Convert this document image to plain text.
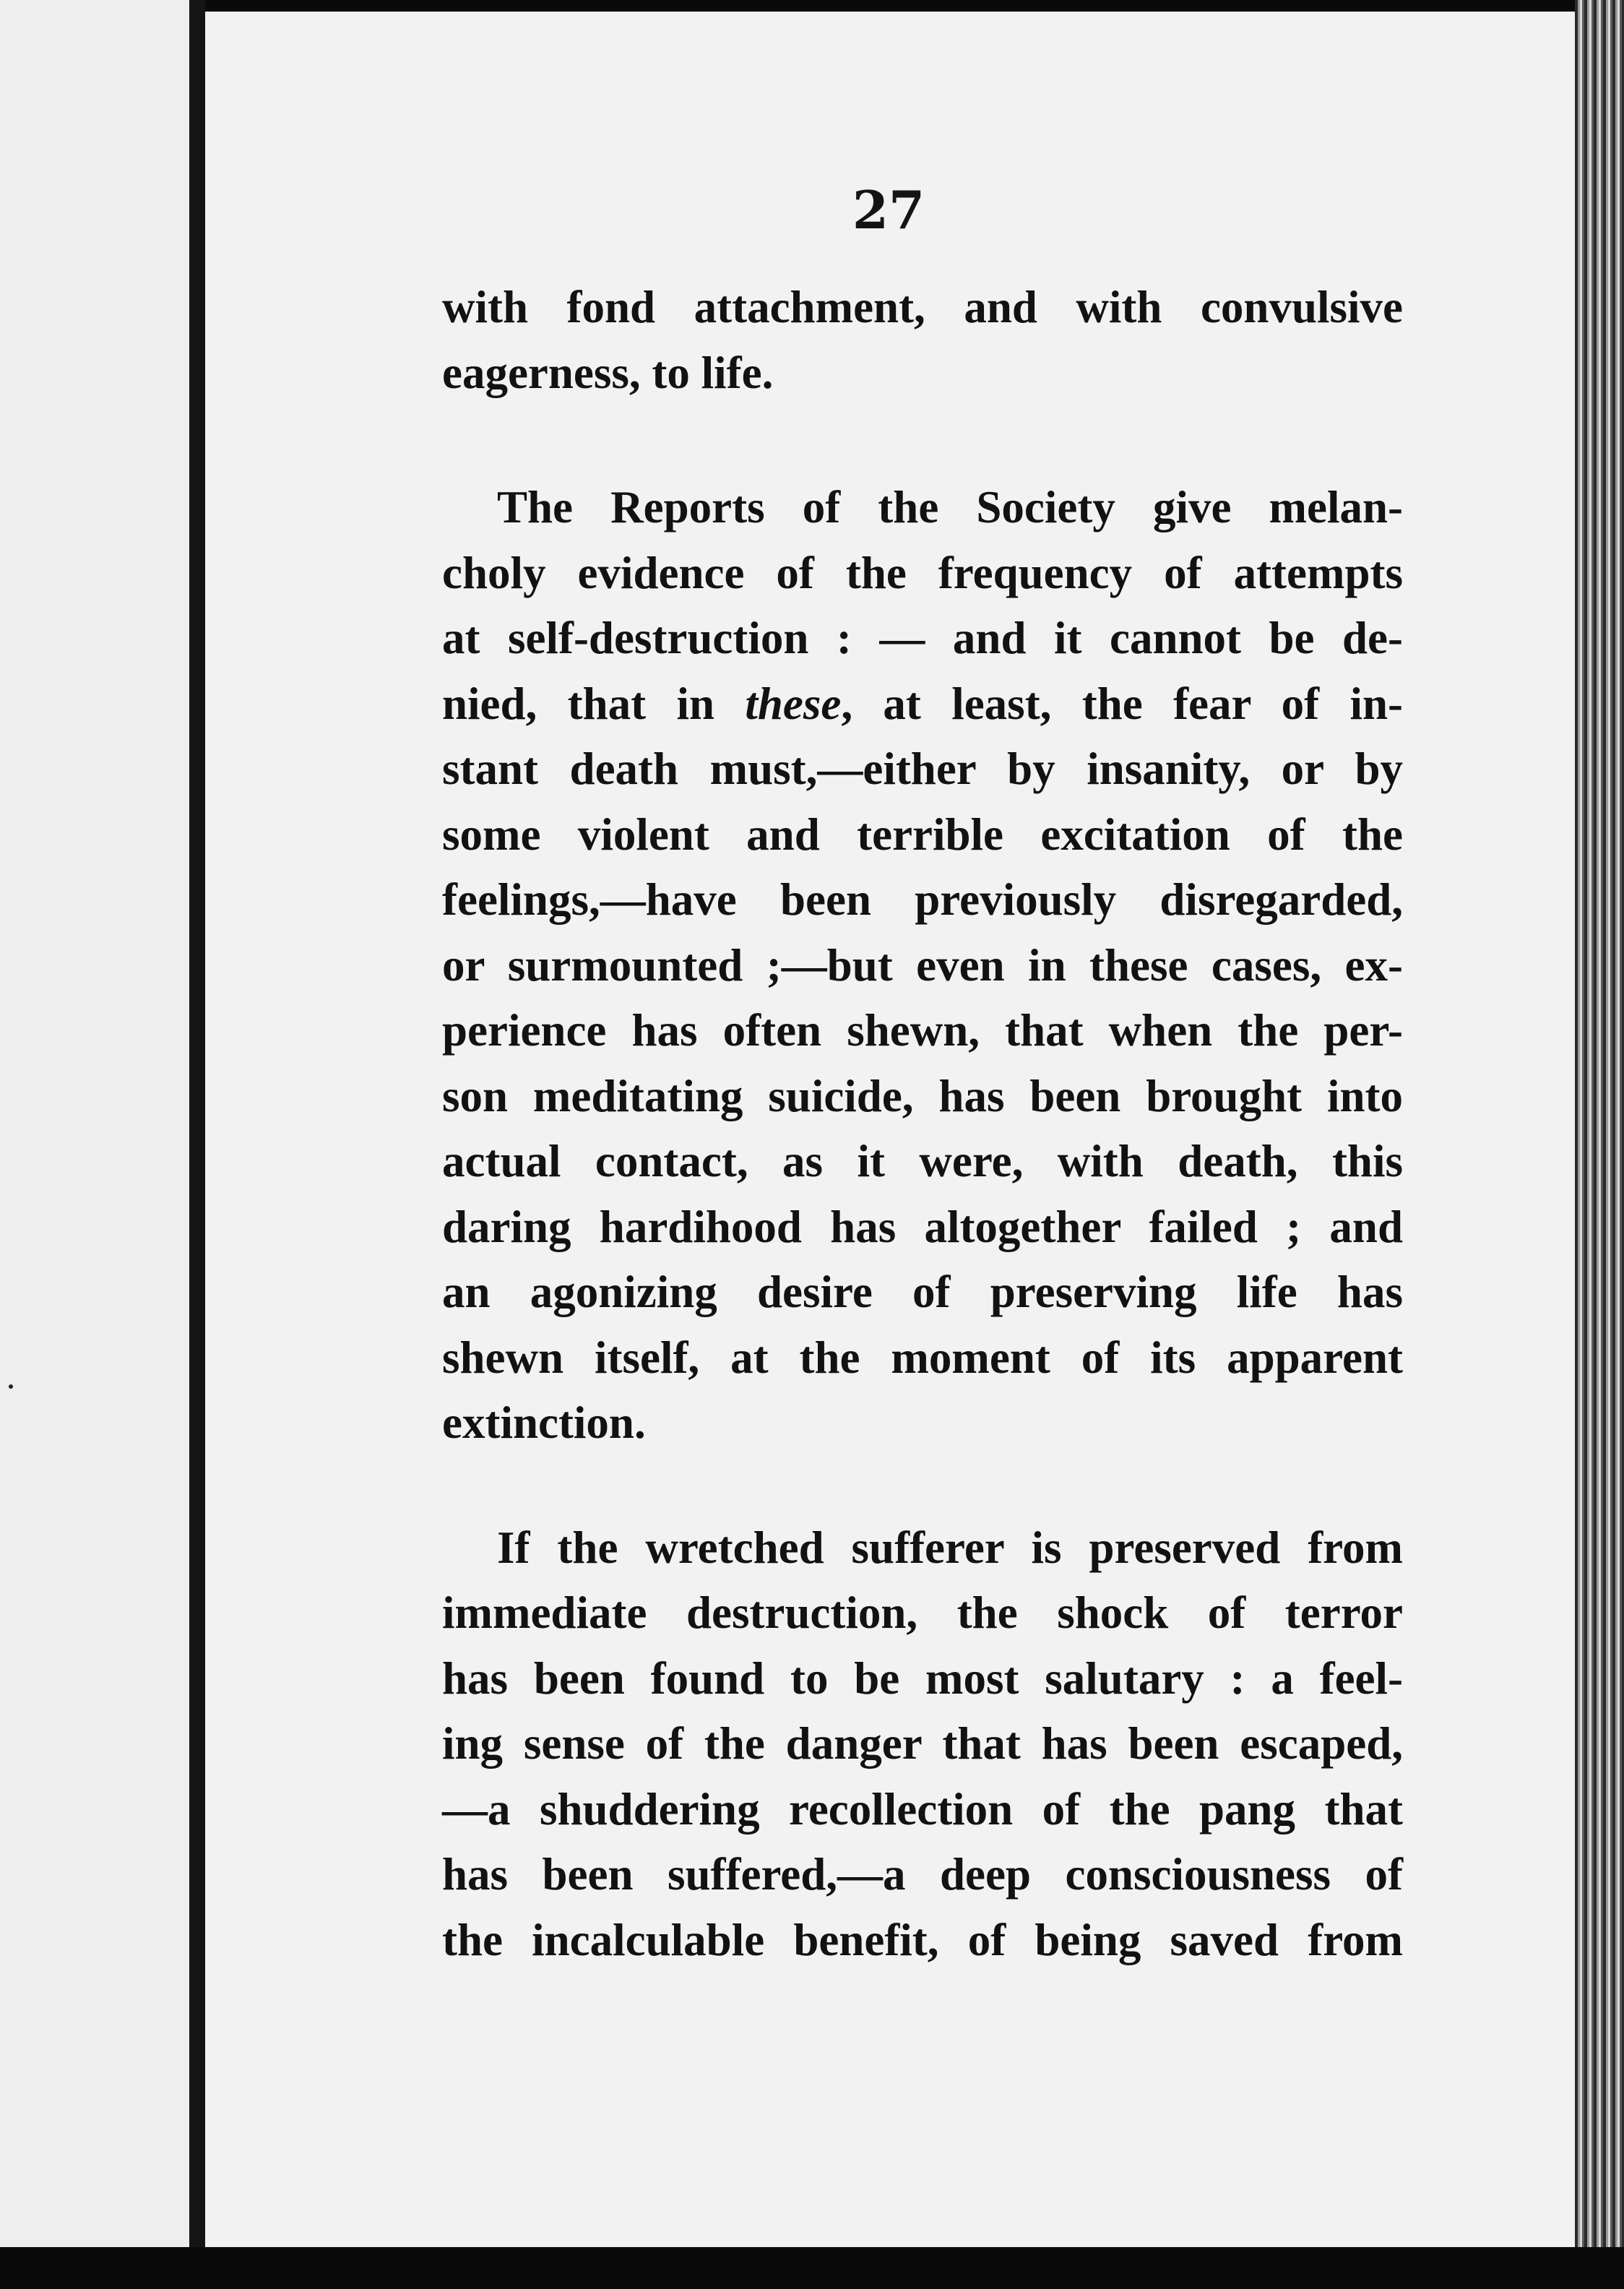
27
with fond attachment, and with convulsive
eagerness, to life.
The Reports of the Society give melan-
choly evidence of the frequency of attempts
at self-destruction : — and it cannot be de-
nied, that in these, at least, the fear of in-
stant death must,—either by insanity, or by
some violent and terrible excitation of the
feelings,—have been previously disregarded,
or surmounted ;—but even in these cases, ex-
perience has often shewn, that when the per-
son meditating suicide, has been brought into
actual contact, as it were, with death, this
daring hardihood has altogether failed ; and
an agonizing desire of preserving life has
shewn itself, at the moment of its apparent
extinction.
If the wretched sufferer is preserved from
immediate destruction, the shock of terror
has been found to be most salutary : a feel-
ing sense of the danger that has been escaped,
—a shuddering recollection of the pang that
has been suffered,—a deep consciousness of
the incalculable benefit, of being saved from
